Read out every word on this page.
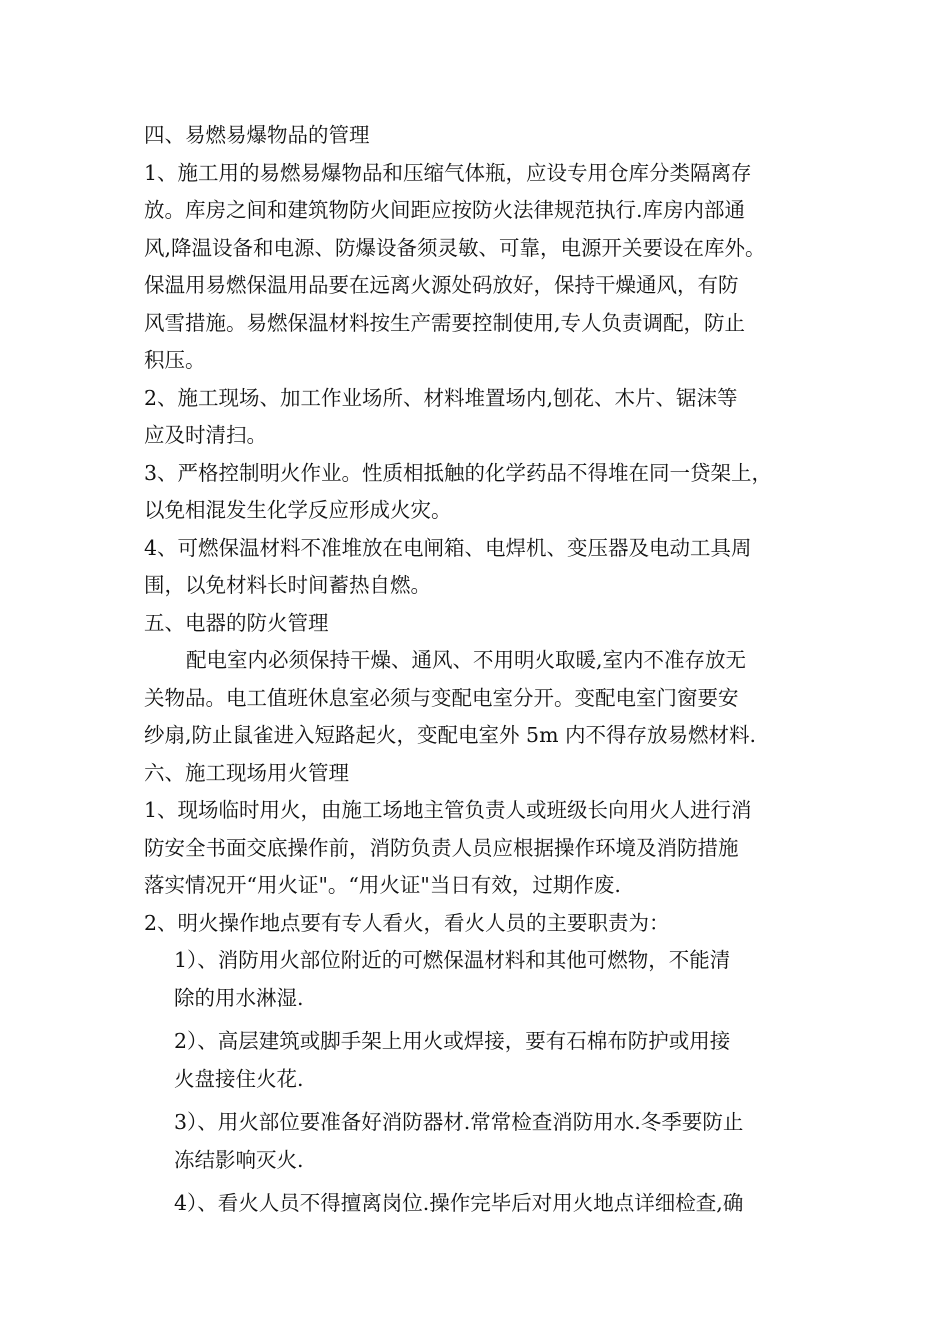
四、易燃易爆物品的管理
1、施工用的易燃易爆物品和压缩气体瓶，应设专用仓库分类隔离存
放。库房之间和建筑物防火间距应按防火法律规范执行.库房内部通
风,降温设备和电源、防爆设备须灵敏、可靠，电源开关要设在库外。
保温用易燃保温用品要在远离火源处码放好，保持干燥通风，有防
风雪措施。易燃保温材料按生产需要控制使用,专人负责调配，防止
积压。
2、施工现场、加工作业场所、材料堆置场内,刨花、木片、锯沫等
应及时清扫。
3、严格控制明火作业。性质相抵触的化学药品不得堆在同一贷架上，
以免相混发生化学反应形成火灾。
4、可燃保温材料不准堆放在电闸箱、电焊机、变压器及电动工具周
围，以免材料长时间蓄热自燃。
五、电器的防火管理
配电室内必须保持干燥、通风、不用明火取暖,室内不准存放无
关物品。电工值班休息室必须与变配电室分开。变配电室门窗要安
纱扇,防止鼠雀进入短路起火，变配电室外 5m 内不得存放易燃材料.
六、施工现场用火管理
1、现场临时用火，由施工场地主管负责人或班级长向用火人进行消
防安全书面交底操作前，消防负责人员应根据操作环境及消防措施
落实情况开“用火证"。“用火证"当日有效，过期作废.
2、明火操作地点要有专人看火，看火人员的主要职责为：
1）、消防用火部位附近的可燃保温材料和其他可燃物，不能清
除的用水淋湿.
2）、高层建筑或脚手架上用火或焊接，要有石棉布防护或用接
火盘接住火花.
3）、用火部位要准备好消防器材.常常检查消防用水.冬季要防止
冻结影响灭火.
4）、看火人员不得擅离岗位.操作完毕后对用火地点详细检查,确
